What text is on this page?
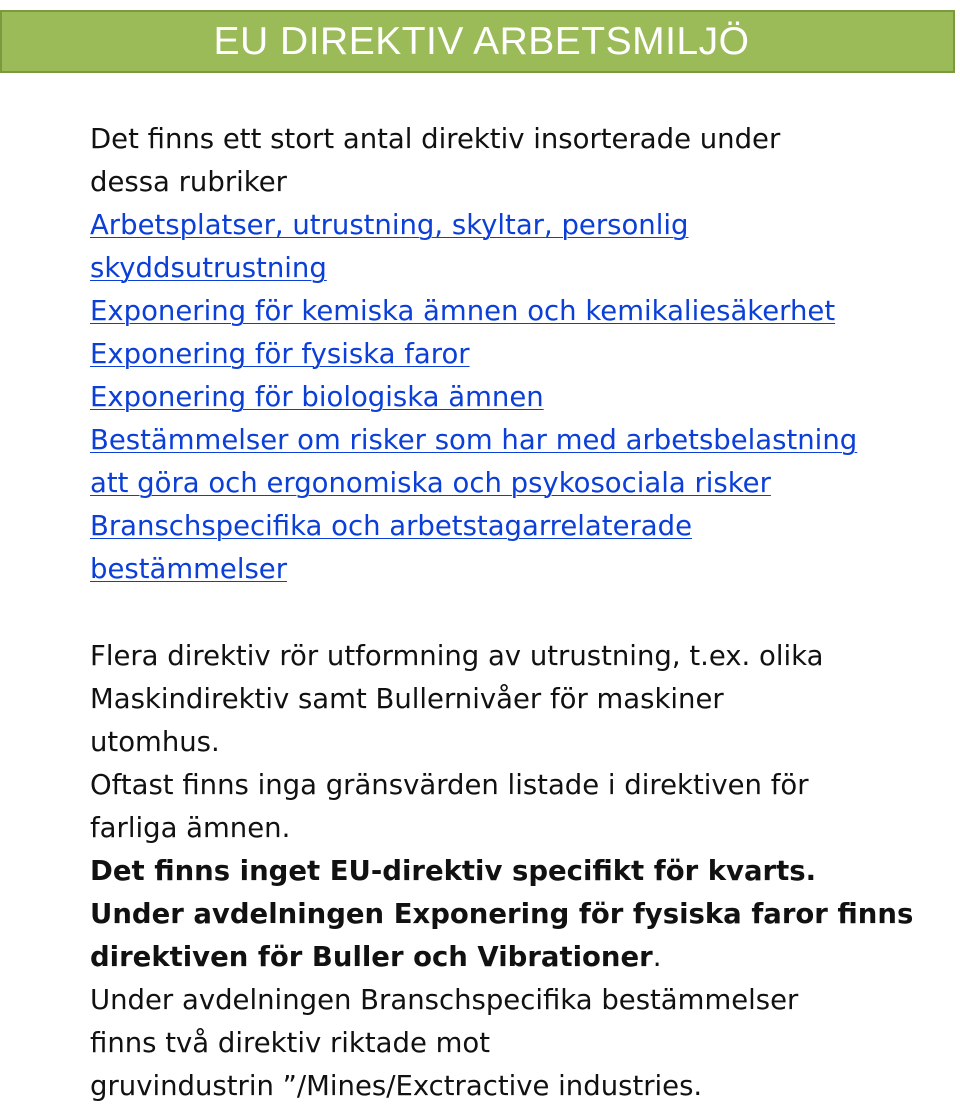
EU DIREKTIV ARBETSMILJÖ
Det finns ett stort antal direktiv insorterade under
dessa rubriker
Arbetsplatser, utrustning, skyltar, personlig
skyddsutrustning
Exponering för kemiska ämnen och kemikaliesäkerhet
Exponering för fysiska faror
Exponering för biologiska ämnen
Bestämmelser om risker som har med arbetsbelastning
att göra och ergonomiska och psykosociala risker
Branschspecifika och arbetstagarrelaterade
bestämmelser
Flera direktiv rör utformning av utrustning, t.ex. olika
Maskindirektiv samt Bullernivåer för maskiner
utomhus.
Oftast finns inga gränsvärden listade i direktiven för
farliga ämnen.
Det finns inget EU-direktiv specifikt för kvarts.
Under avdelningen Exponering för fysiska faror finns
direktiven för Buller och Vibrationer.
Under avdelningen Branschspecifika bestämmelser
finns två direktiv riktade mot
gruvindustrin ”/Mines/Exctractive industries.
